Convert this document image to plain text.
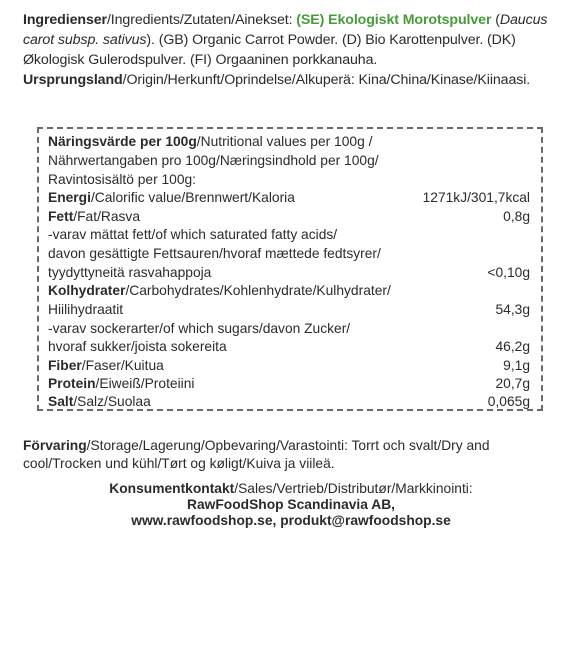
Ingredienser/Ingredients/Zutaten/Ainekset: (SE) Ekologiskt Morotspulver (Daucus carot subsp. sativus). (GB) Organic Carrot Powder. (D) Bio Karottenpulver. (DK) Økologisk Gulerodspulver. (FI) Orgaaninen porkkanauha.
Ursprungsland/Origin/Herkunft/Oprindelse/Alkuperä: Kina/China/Kinase/Kiinaasi.
Näringsvärde per 100g/Nutritional values per 100g /
Nährwertangaben pro 100g/Næringsindhold per 100g/
Ravintosisältö per 100g:
Energi/Calorific value/Brennwert/Kaloria	1271kJ/301,7kcal
Fett/Fat/Rasva	0,8g
-varav mättat fett/of which saturated fatty acids/
davon gesättigte Fettsauren/hvoraf mættede fedtsyrer/
tyydyttyneitä rasvahappoja	<0,10g
Kolhydrater/Carbohydrates/Kohlenhydrate/Kulhydrater/
Hiilihydraatit	54,3g
-varav sockerarter/of which sugars/davon Zucker/
hvoraf sukker/joista sokereita	46,2g
Fiber/Faser/Kuitua	9,1g
Protein/Eiweiß/Proteiini	20,7g
Salt/Salz/Suolaa	0,065g
Förvaring/Storage/Lagerung/Opbevaring/Varastointi: Torrt och svalt/Dry and cool/Trocken und kühl/Tørt og køligt/Kuiva ja viileä.
Konsumentkontakt/Sales/Vertrieb/Distributør/Markkinointi:
RawFoodShop Scandinavia AB,
www.rawfoodshop.se, produkt@rawfoodshop.se
